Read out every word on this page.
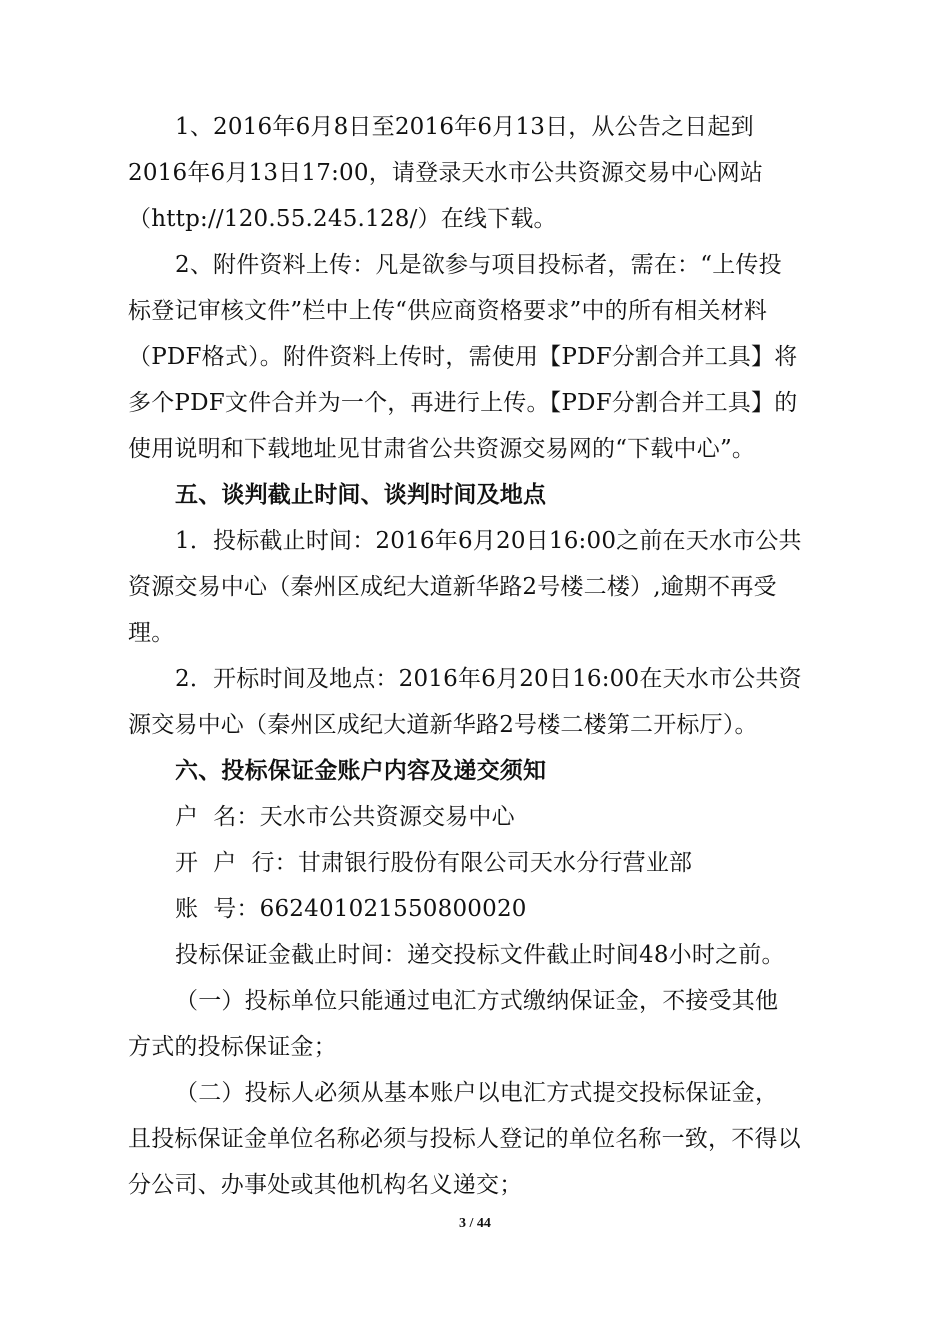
1、2016年6月8日至2016年6月13日，从公告之日起到
2016年6月13日17:00，请登录天水市公共资源交易中心网站
（http://120.55.245.128/）在线下载。
2、附件资料上传：凡是欲参与项目投标者，需在：“上传投
标登记审核文件”栏中上传“供应商资格要求”中的所有相关材料
（PDF格式）。附件资料上传时，需使用【PDF分割合并工具】将
多个PDF文件合并为一个，再进行上传。【PDF分割合并工具】的
使用说明和下载地址见甘肃省公共资源交易网的“下载中心”。
五、谈判截止时间、谈判时间及地点
1．投标截止时间：2016年6月20日16:00之前在天水市公共
资源交易中心（秦州区成纪大道新华路2号楼二楼）,逾期不再受
理。
2．开标时间及地点：2016年6月20日16:00在天水市公共资
源交易中心（秦州区成纪大道新华路2号楼二楼第二开标厅）。
六、投标保证金账户内容及递交须知
户  名：天水市公共资源交易中心
开  户  行：甘肃银行股份有限公司天水分行营业部
账  号：662401021550800020
投标保证金截止时间：递交投标文件截止时间48小时之前。
（一）投标单位只能通过电汇方式缴纳保证金，不接受其他
方式的投标保证金；
（二）投标人必须从基本账户以电汇方式提交投标保证金，
且投标保证金单位名称必须与投标人登记的单位名称一致，不得以
分公司、办事处或其他机构名义递交；
3 / 44
